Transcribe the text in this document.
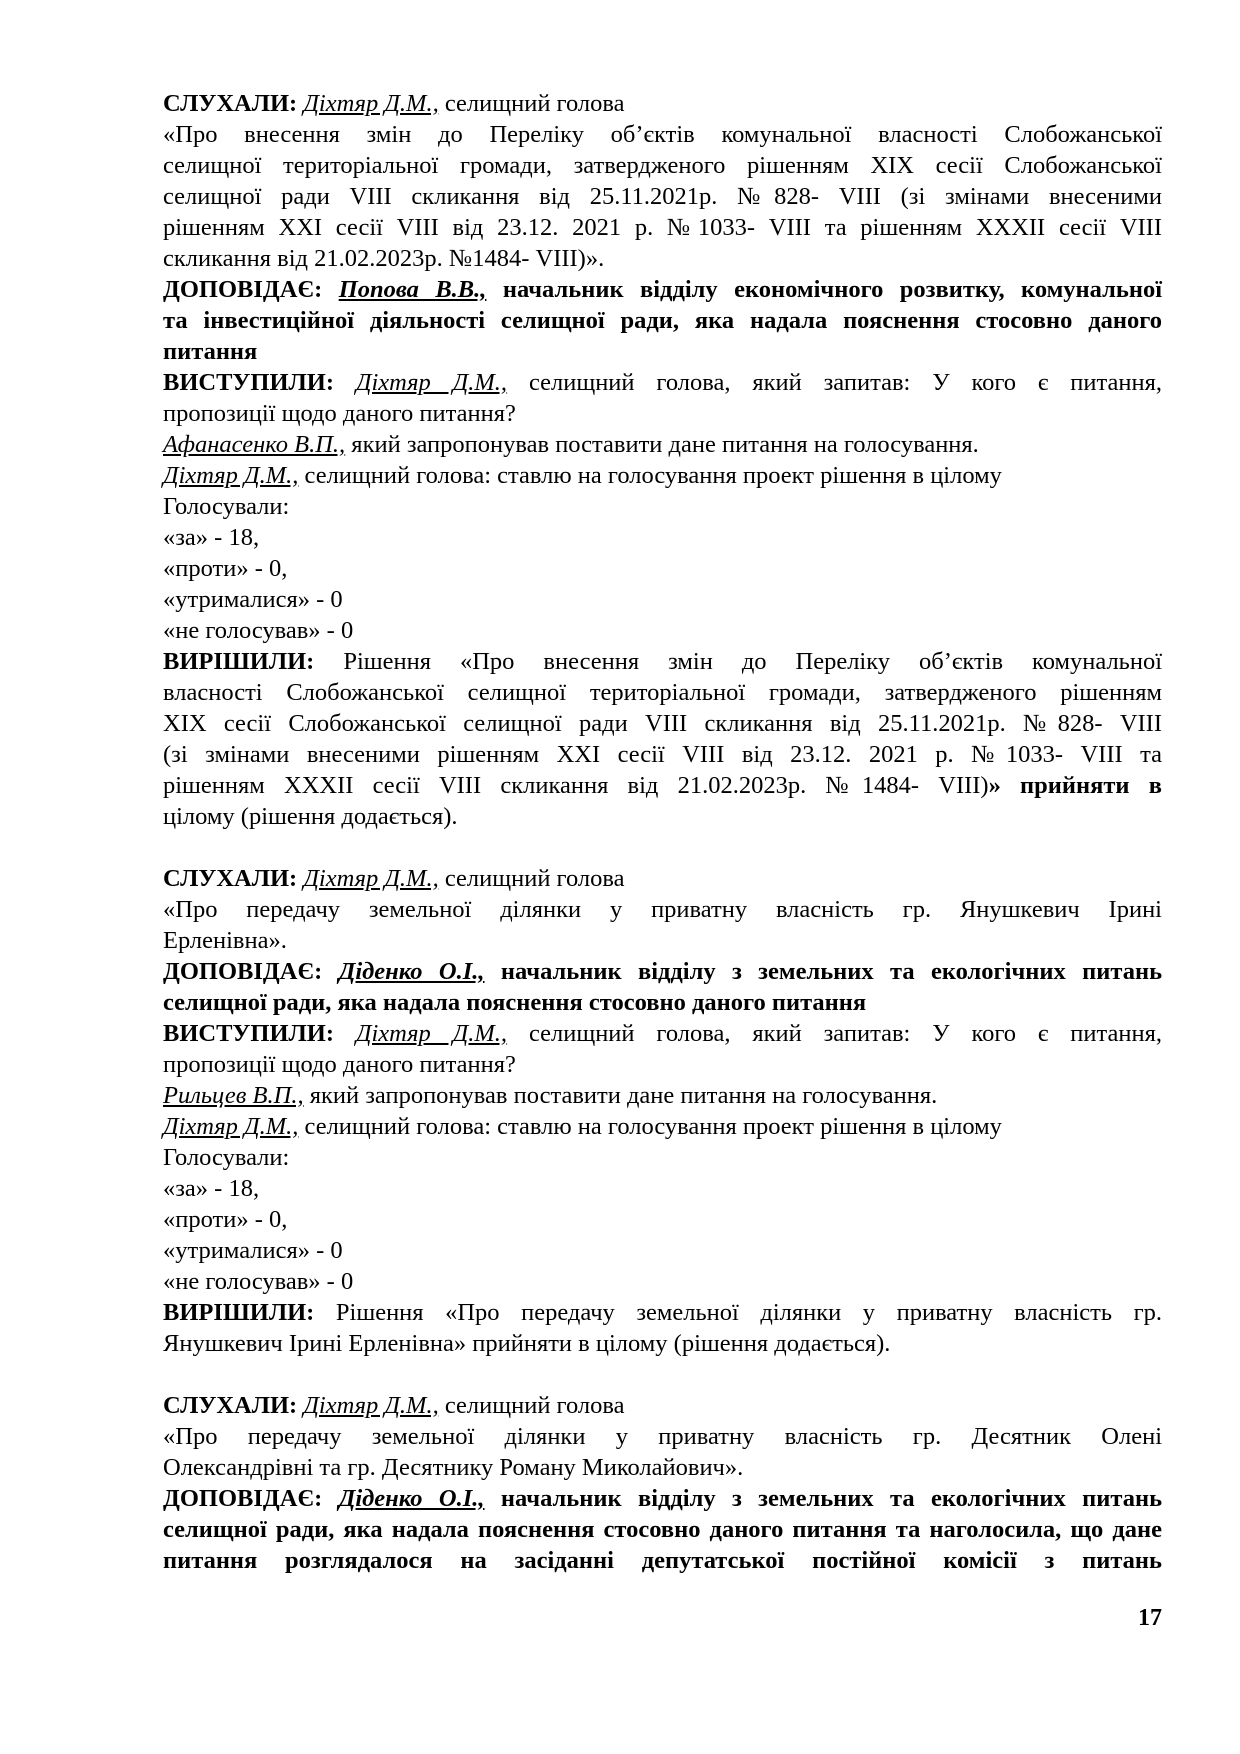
СЛУХАЛИ: Діхтяр Д.М., селищний голова
«Про внесення змін до Переліку об’єктів комунальної власності Слобожанської
селищної територіальної громади, затвердженого рішенням XIX сесії Слобожанської
селищної ради VIII скликання від 25.11.2021р. №828- VIII (зі змінами внесеними
рішенням XXI сесії VIII від 23.12. 2021 р. №1033- VIII та рішенням XXXII сесії VIII
скликання від 21.02.2023р. №1484- VIII)».
ДОПОВІДАЄ: Попова В.В., начальник відділу економічного розвитку, комунальної
та інвестиційної діяльності селищної ради, яка надала пояснення стосовно даного
питання
ВИСТУПИЛИ: Діхтяр Д.М., селищний голова, який запитав: У кого є питання,
пропозиції щодо даного питання?
Афанасенко В.П., який запропонував поставити дане питання на голосування.
Діхтяр Д.М., селищний голова: ставлю на голосування проект рішення в цілому
Голосували:
«за» - 18,
«проти» - 0,
«утрималися» - 0
«не голосував» - 0
ВИРІШИЛИ: Рішення «Про внесення змін до Переліку об’єктів комунальної
власності Слобожанської селищної територіальної громади, затвердженого рішенням
XIX сесії Слобожанської селищної ради VIII скликання від 25.11.2021р. №828- VIII
(зі змінами внесеними рішенням XXI сесії VIII від 23.12. 2021 р. №1033- VIII та
рішенням XXXII сесії VIII скликання від 21.02.2023р. №1484- VIII)» прийняти в
цілому (рішення додається).
СЛУХАЛИ: Діхтяр Д.М., селищний голова
«Про передачу земельної ділянки у приватну власність гр. Янушкевич Ірині
Ерленівна».
ДОПОВІДАЄ: Діденко О.І., начальник відділу з земельних та екологічних питань
селищної ради, яка надала пояснення стосовно даного питання
ВИСТУПИЛИ: Діхтяр Д.М., селищний голова, який запитав: У кого є питання,
пропозиції щодо даного питання?
Рильцев В.П., який запропонував поставити дане питання на голосування.
Діхтяр Д.М., селищний голова: ставлю на голосування проект рішення в цілому
Голосували:
«за» - 18,
«проти» - 0,
«утрималися» - 0
«не голосував» - 0
ВИРІШИЛИ: Рішення «Про передачу земельної ділянки у приватну власність гр.
Янушкевич Ірині Ерленівна» прийняти в цілому (рішення додається).
СЛУХАЛИ: Діхтяр Д.М., селищний голова
«Про передачу земельної ділянки у приватну власність гр. Десятник Олені
Олександрівні та гр. Десятнику Роману Миколайович».
ДОПОВІДАЄ: Діденко О.І., начальник відділу з земельних та екологічних питань
селищної ради, яка надала пояснення стосовно даного питання та наголосила, що дане
питання розглядалося на засіданні депутатської постійної комісії з питань
17
